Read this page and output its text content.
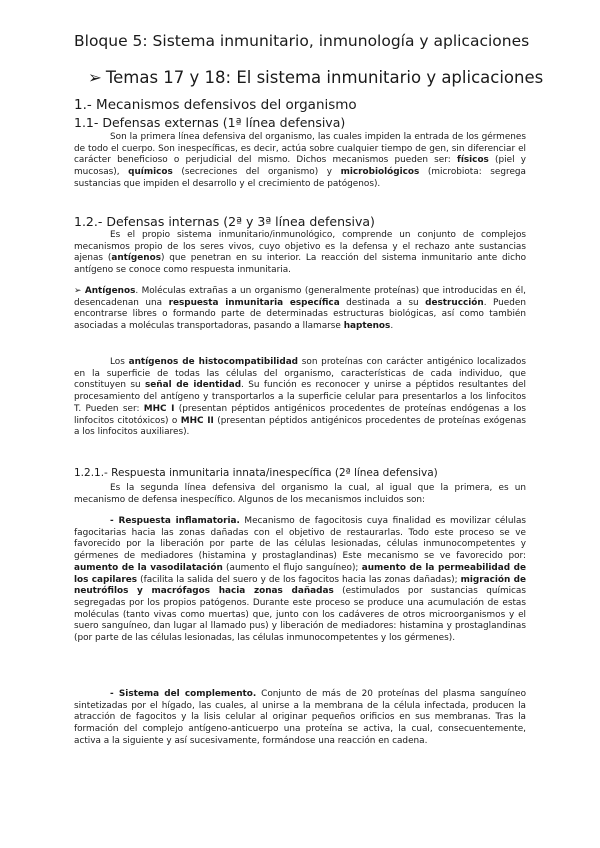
Bloque 5: Sistema inmunitario, inmunología y aplicaciones
➢ Temas 17 y 18: El sistema inmunitario y aplicaciones
1.- Mecanismos defensivos del organismo
1.1- Defensas externas (1ª línea defensiva)
Son la primera línea defensiva del organismo, las cuales impiden la entrada de los gérmenes de todo el cuerpo. Son inespecíficas, es decir, actúa sobre cualquier tiempo de gen, sin diferenciar el carácter beneficioso o perjudicial del mismo. Dichos mecanismos pueden ser: físicos (piel y mucosas), químicos (secreciones del organismo) y microbiológicos (microbiota: segrega sustancias que impiden el desarrollo y el crecimiento de patógenos).
1.2.- Defensas internas (2ª y 3ª línea defensiva)
Es el propio sistema inmunitario/inmunológico, comprende un conjunto de complejos mecanismos propio de los seres vivos, cuyo objetivo es la defensa y el rechazo ante sustancias ajenas (antígenos) que penetran en su interior. La reacción del sistema inmunitario ante dicho antígeno se conoce como respuesta inmunitaria.
➢ Antígenos. Moléculas extrañas a un organismo (generalmente proteínas) que introducidas en él, desencadenan una respuesta inmunitaria específica destinada a su destrucción. Pueden encontrarse libres o formando parte de determinadas estructuras biológicas, así como también asociadas a moléculas transportadoras, pasando a llamarse haptenos.
Los antígenos de histocompatibilidad son proteínas con carácter antigénico localizados en la superficie de todas las células del organismo, características de cada individuo, que constituyen su señal de identidad. Su función es reconocer y unirse a péptidos resultantes del procesamiento del antígeno y transportarlos a la superficie celular para presentarlos a los linfocitos T. Pueden ser: MHC I (presentan péptidos antigénicos procedentes de proteínas endógenas a los linfocitos citotóxicos) o MHC II (presentan péptidos antigénicos procedentes de proteínas exógenas a los linfocitos auxiliares).
1.2.1.- Respuesta inmunitaria innata/inespecífica (2ª línea defensiva)
Es la segunda línea defensiva del organismo la cual, al igual que la primera, es un mecanismo de defensa inespecífico. Algunos de los mecanismos incluidos son:
- Respuesta inflamatoria. Mecanismo de fagocitosis cuya finalidad es movilizar células fagocitarias hacia las zonas dañadas con el objetivo de restaurarlas. Todo este proceso se ve favorecido por la liberación por parte de las células lesionadas, células inmunocompetentes y gérmenes de mediadores (histamina y prostaglandinas) Este mecanismo se ve favorecido por: aumento de la vasodilatación (aumento el flujo sanguíneo); aumento de la permeabilidad de los capilares (facilita la salida del suero y de los fagocitos hacia las zonas dañadas); migración de neutrófilos y macrófagos hacia zonas dañadas (estimulados por sustancias químicas segregadas por los propios patógenos. Durante este proceso se produce una acumulación de estas moléculas (tanto vivas como muertas) que, junto con los cadáveres de otros microorganismos y el suero sanguíneo, dan lugar al llamado pus) y liberación de mediadores: histamina y prostaglandinas (por parte de las células lesionadas, las células inmunocompetentes y los gérmenes).
- Sistema del complemento. Conjunto de más de 20 proteínas del plasma sanguíneo sintetizadas por el hígado, las cuales, al unirse a la membrana de la célula infectada, producen la atracción de fagocitos y la lisis celular al originar pequeños orificios en sus membranas. Tras la formación del complejo antígeno-anticuerpo una proteína se activa, la cual, consecuentemente, activa a la siguiente y así sucesivamente, formándose una reacción en cadena.
